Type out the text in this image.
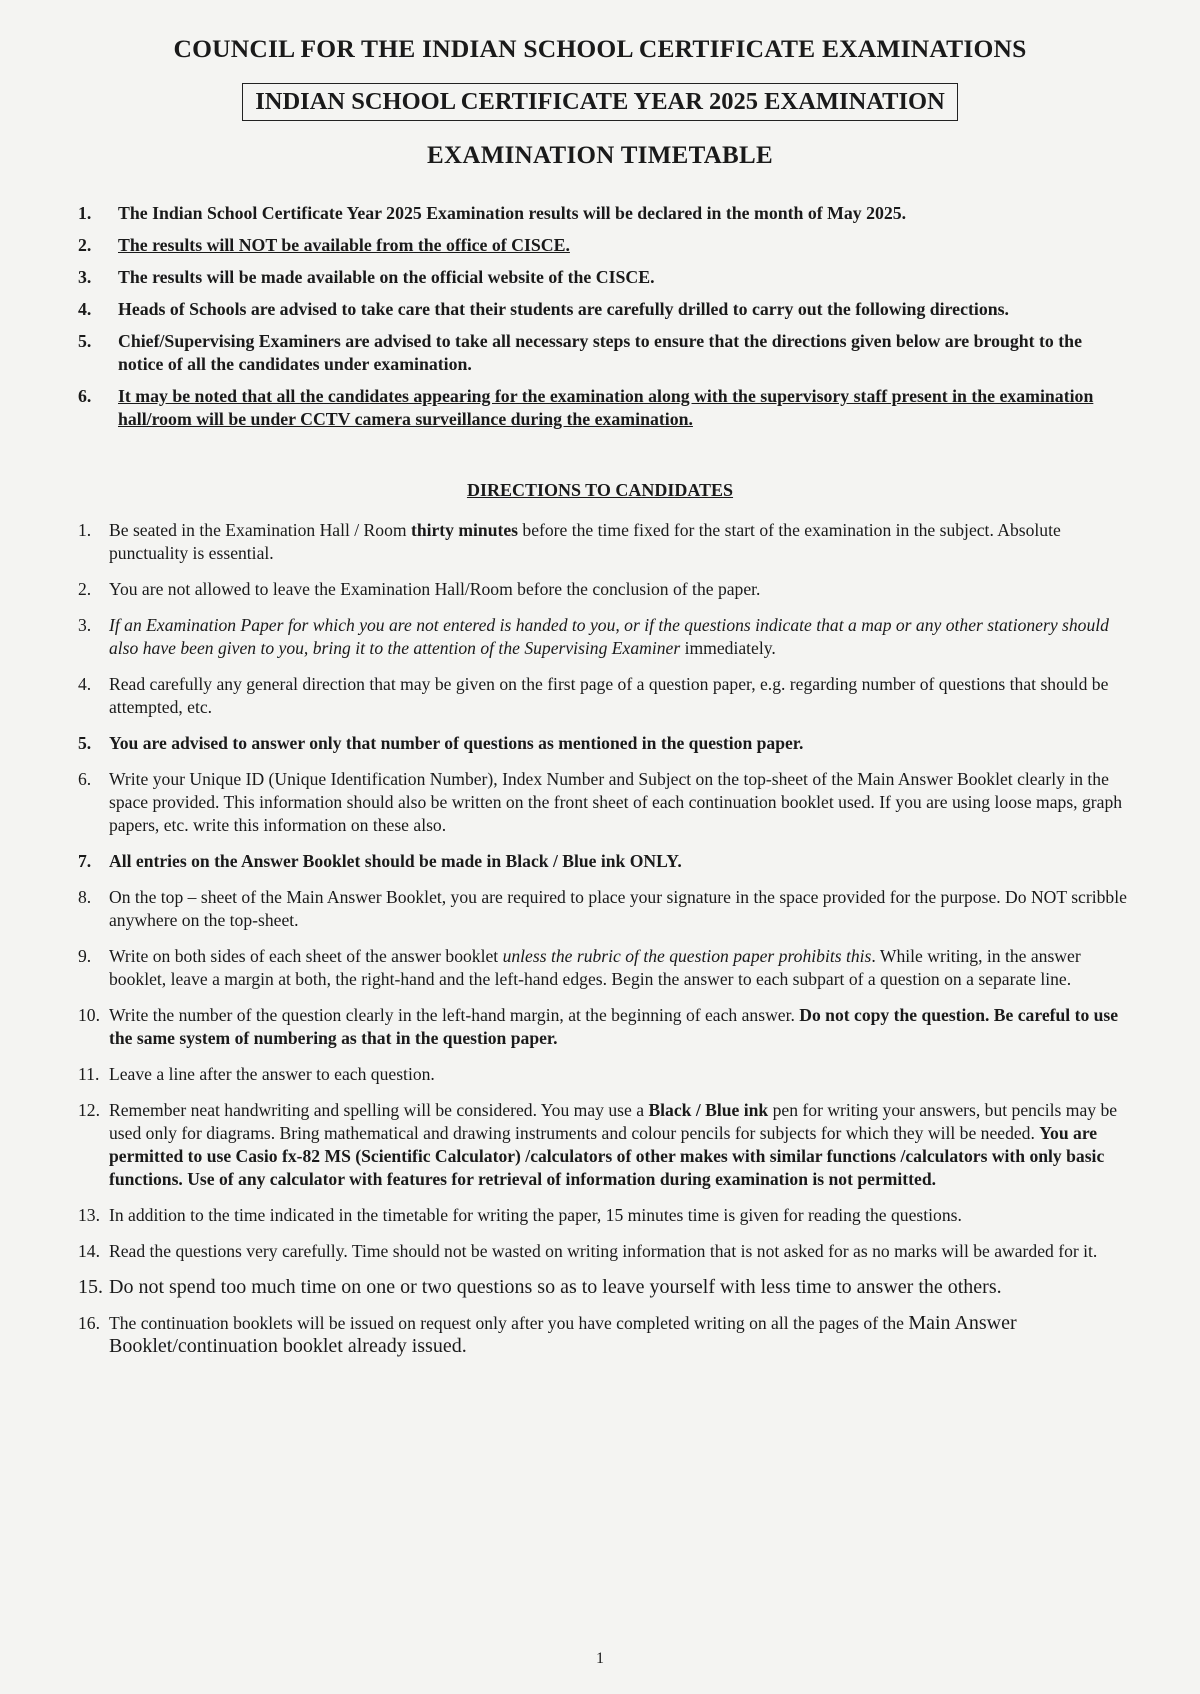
COUNCIL FOR THE INDIAN SCHOOL CERTIFICATE EXAMINATIONS
INDIAN SCHOOL CERTIFICATE YEAR 2025 EXAMINATION
EXAMINATION TIMETABLE
1. The Indian School Certificate Year 2025 Examination results will be declared in the month of May 2025.
2. The results will NOT be available from the office of CISCE.
3. The results will be made available on the official website of the CISCE.
4. Heads of Schools are advised to take care that their students are carefully drilled to carry out the following directions.
5. Chief/Supervising Examiners are advised to take all necessary steps to ensure that the directions given below are brought to the notice of all the candidates under examination.
6. It may be noted that all the candidates appearing for the examination along with the supervisory staff present in the examination hall/room will be under CCTV camera surveillance during the examination.
DIRECTIONS TO CANDIDATES
1. Be seated in the Examination Hall / Room thirty minutes before the time fixed for the start of the examination in the subject. Absolute punctuality is essential.
2. You are not allowed to leave the Examination Hall/Room before the conclusion of the paper.
3. If an Examination Paper for which you are not entered is handed to you, or if the questions indicate that a map or any other stationery should also have been given to you, bring it to the attention of the Supervising Examiner immediately.
4. Read carefully any general direction that may be given on the first page of a question paper, e.g. regarding number of questions that should be attempted, etc.
5. You are advised to answer only that number of questions as mentioned in the question paper.
6. Write your Unique ID (Unique Identification Number), Index Number and Subject on the top-sheet of the Main Answer Booklet clearly in the space provided. This information should also be written on the front sheet of each continuation booklet used. If you are using loose maps, graph papers, etc. write this information on these also.
7. All entries on the Answer Booklet should be made in Black / Blue ink ONLY.
8. On the top – sheet of the Main Answer Booklet, you are required to place your signature in the space provided for the purpose. Do NOT scribble anywhere on the top-sheet.
9. Write on both sides of each sheet of the answer booklet unless the rubric of the question paper prohibits this. While writing, in the answer booklet, leave a margin at both, the right-hand and the left-hand edges. Begin the answer to each subpart of a question on a separate line.
10. Write the number of the question clearly in the left-hand margin, at the beginning of each answer. Do not copy the question. Be careful to use the same system of numbering as that in the question paper.
11. Leave a line after the answer to each question.
12. Remember neat handwriting and spelling will be considered. You may use a Black / Blue ink pen for writing your answers, but pencils may be used only for diagrams. Bring mathematical and drawing instruments and colour pencils for subjects for which they will be needed. You are permitted to use Casio fx-82 MS (Scientific Calculator) /calculators of other makes with similar functions /calculators with only basic functions. Use of any calculator with features for retrieval of information during examination is not permitted.
13. In addition to the time indicated in the timetable for writing the paper, 15 minutes time is given for reading the questions.
14. Read the questions very carefully. Time should not be wasted on writing information that is not asked for as no marks will be awarded for it.
15. Do not spend too much time on one or two questions so as to leave yourself with less time to answer the others.
16. The continuation booklets will be issued on request only after you have completed writing on all the pages of the Main Answer Booklet/continuation booklet already issued.
1
